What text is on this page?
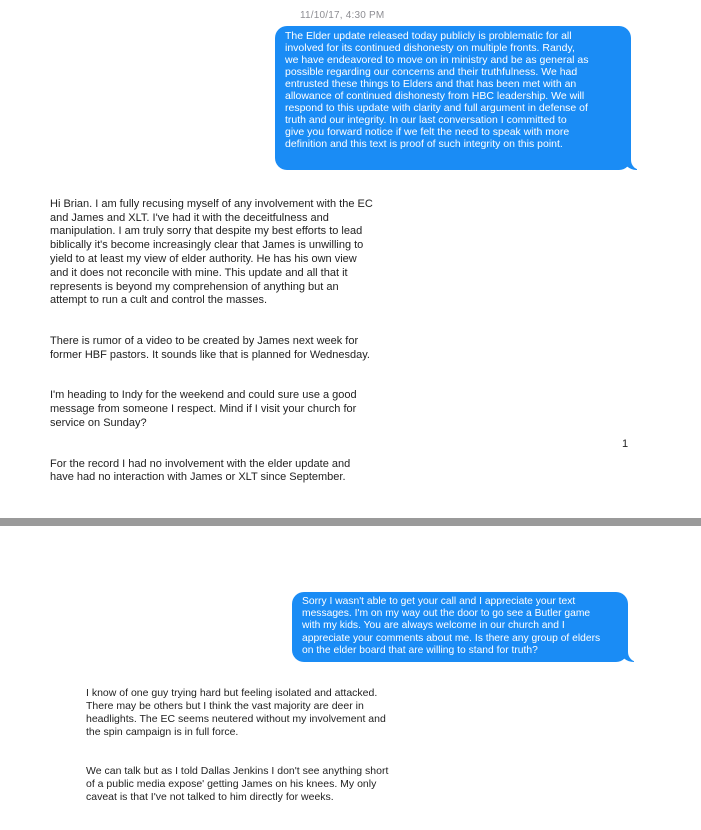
11/10/17, 4:30 PM
The Elder update released today publicly is problematic for all
involved for its continued dishonesty on multiple fronts. Randy,
we have endeavored to move on in ministry and be as general as
possible regarding our concerns and their truthfulness. We had
entrusted these things to Elders and that has been met with an
allowance of continued dishonesty from HBC leadership. We will
respond to this update with clarity and full argument in defense of
truth and our integrity. In our last conversation I committed to
give you forward notice if we felt the need to speak with more
definition and this text is proof of such integrity on this point.

Hi Brian. I am fully recusing myself of any involvement with the EC
and James and XLT. I've had it with the deceitfulness and
manipulation. I am truly sorry that despite my best efforts to lead
biblically it's become increasingly clear that James is unwilling to
yield to at least my view of elder authority. He has his own view
and it does not reconcile with mine. This update and all that it
represents is beyond my comprehension of anything but an
attempt to run a cult and control the masses.

There is rumor of a video to be created by James next week for
former HBF pastors. It sounds like that is planned for Wednesday.

I'm heading to Indy for the weekend and could sure use a good
message from someone I respect. Mind if I visit your church for
service on Sunday?

For the record I had no involvement with the elder update and
have had no interaction with James or XLT since September.

1
Sorry I wasn't able to get your call and I appreciate your text
messages. I'm on my way out the door to go see a Butler game
with my kids. You are always welcome in our church and I
appreciate your comments about me. Is there any group of elders
on the elder board that are willing to stand for truth?

I know of one guy trying hard but feeling isolated and attacked.
There may be others but I think the vast majority are deer in
headlights. The EC seems neutered without my involvement and
the spin campaign is in full force.

We can talk but as I told Dallas Jenkins I don't see anything short
of a public media expose' getting James on his knees. My only
caveat is that I've not talked to him directly for weeks.
